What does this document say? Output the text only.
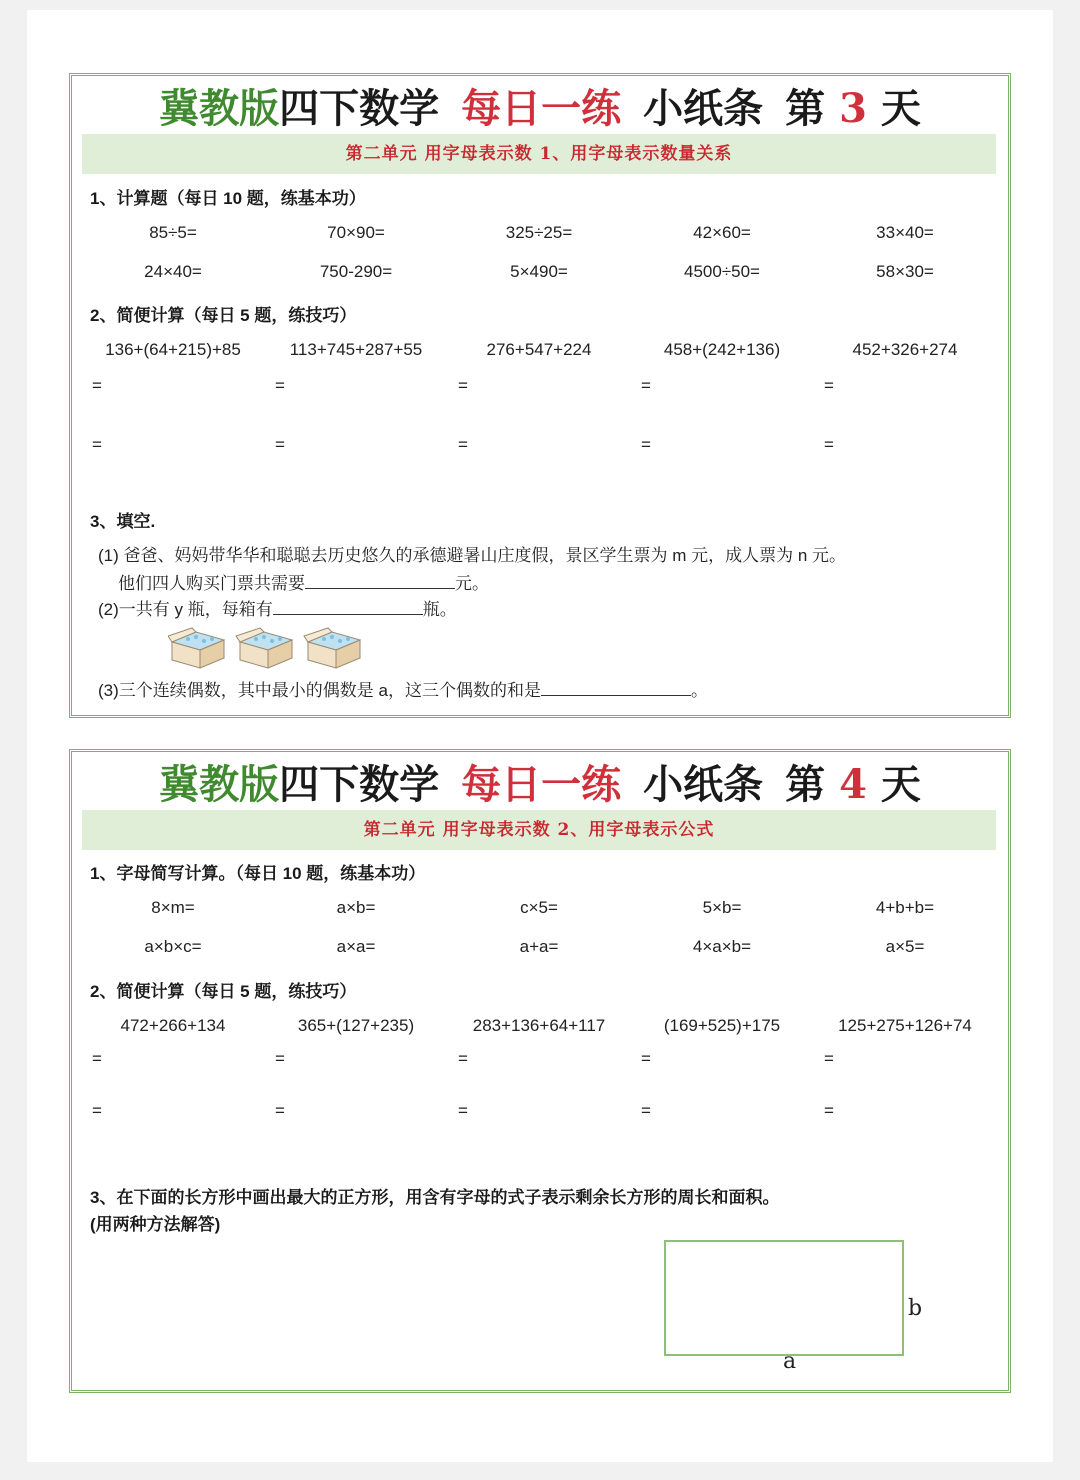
冀教版四下数学 每日一练 小纸条 第 3 天
第二单元 用字母表示数 1、用字母表示数量关系
1、计算题（每日 10 题，练基本功）
85÷5=	70×90=	325÷25=	42×60=	33×40=
24×40=	750-290=	5×490=	4500÷50=	58×30=
2、简便计算（每日 5 题，练技巧）
136+(64+215)+85	113+745+287+55	276+547+224	458+(242+136)	452+326+274
=	=	=	=	=
=	=	=	=	=
3、填空.
(1) 爸爸、妈妈带华华和聪聪去历史悠久的承德避暑山庄度假，景区学生票为 m 元，成人票为 n 元。
他们四人购买门票共需要	元。
(2)一共有 y 瓶，每箱有	瓶。
(3)三个连续偶数，其中最小的偶数是 a，这三个偶数的和是	。
冀教版四下数学 每日一练 小纸条 第 4 天
第二单元 用字母表示数 2、用字母表示公式
1、字母简写计算。（每日 10 题，练基本功）
8×m=	a×b=	c×5=	5×b=	4+b+b=
a×b×c=	a×a=	a+a=	4×a×b=	a×5=
2、简便计算（每日 5 题，练技巧）
472+266+134	365+(127+235)	283+136+64+117	(169+525)+175	125+275+126+74
=	=	=	=	=
=	=	=	=	=
3、在下面的长方形中画出最大的正方形，用含有字母的式子表示剩余长方形的周长和面积。
(用两种方法解答)
b
a
